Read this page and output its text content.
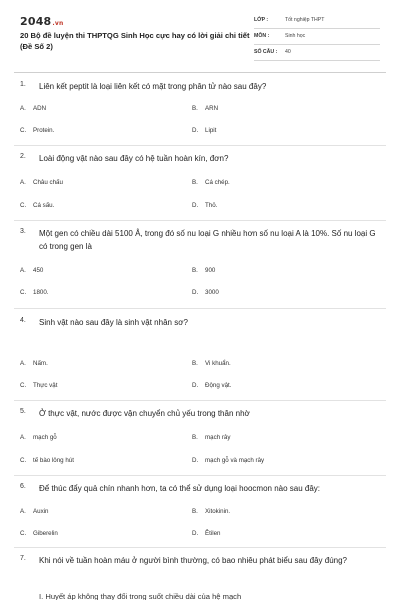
2048.vn
20 Bộ đề luyện thi THPTQG Sinh Học cực hay có lời giải chi tiết (Đề Số 2)
LỚP :	Tốt nghiệp THPT
MÔN :	Sinh học
SỐ CÂU : 40
1. Liên kết peptit là loại liên kết có mặt trong phân tử nào sau đây?
A. ADN	B. ARN
C. Protein.	D. Lipit
2. Loài động vật nào sau đây có hệ tuần hoàn kín, đơn?
A. Châu chấu	B. Cá chép.
C. Cá sấu.	D. Thỏ.
3. Một gen có chiều dài 5100 Å, trong đó số nu loại G nhiều hơn số nu loại A là 10%. Số nu loại G có trong gen là
A. 450	B. 900
C. 1800.	D. 3000
4. Sinh vật nào sau đây là sinh vật nhân sơ?
A. Nấm.	B. Vi khuẩn.
C. Thực vật	D. Động vật.
5. Ở thực vật, nước được vận chuyển chủ yếu trong thân nhờ
A. mạch gỗ	B. mạch rây
C. tế bào lông hút	D. mạch gỗ và mạch rây
6. Để thúc đẩy quả chín nhanh hơn, ta có thể sử dụng loại hoocmon nào sau đây:
A. Auxin	B. Xitokinin.
C. Giberelin	D. Êtilen
7. Khi nói về tuần hoàn máu ở người bình thường, có bao nhiêu phát biểu sau đây đúng?
I. Huyết áp không thay đổi trong suốt chiều dài của hệ mạch
